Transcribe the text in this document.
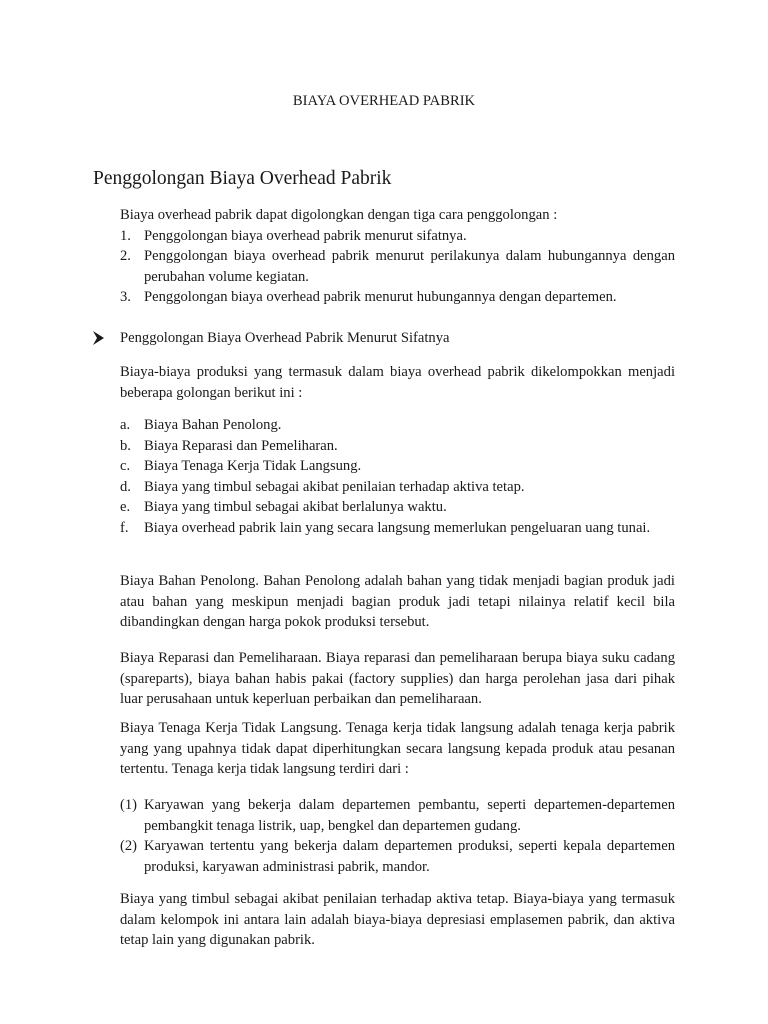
BIAYA OVERHEAD PABRIK
Penggolongan Biaya Overhead Pabrik

Biaya overhead pabrik dapat digolongkan dengan tiga cara penggolongan :

1. Penggolongan biaya overhead pabrik menurut sifatnya.
2. Penggolongan biaya overhead pabrik menurut perilakunya dalam hubungannya dengan perubahan volume kegiatan.
3. Penggolongan biaya overhead pabrik menurut hubungannya dengan departemen.
Penggolongan Biaya Overhead Pabrik Menurut Sifatnya

Biaya-biaya produksi yang termasuk dalam biaya overhead pabrik dikelompokkan menjadi beberapa golongan berikut ini :

a. Biaya Bahan Penolong.
b. Biaya Reparasi dan Pemeliharan.
c. Biaya Tenaga Kerja Tidak Langsung.
d. Biaya yang timbul sebagai akibat penilaian terhadap aktiva tetap.
e. Biaya yang timbul sebagai akibat berlalunya waktu.
f. Biaya overhead pabrik lain yang secara langsung memerlukan pengeluaran uang tunai.

Biaya Bahan Penolong. Bahan Penolong adalah bahan yang tidak menjadi bagian produk jadi atau bahan yang meskipun menjadi bagian produk jadi tetapi nilainya relatif kecil bila dibandingkan dengan harga pokok produksi tersebut.

Biaya Reparasi dan Pemeliharaan. Biaya reparasi dan pemeliharaan berupa biaya suku cadang (spareparts), biaya bahan habis pakai (factory supplies) dan harga perolehan jasa dari pihak luar perusahaan untuk keperluan perbaikan dan pemeliharaan.

Biaya Tenaga Kerja Tidak Langsung. Tenaga kerja tidak langsung adalah tenaga kerja pabrik yang yang upahnya tidak dapat diperhitungkan secara langsung kepada produk atau pesanan tertentu. Tenaga kerja tidak langsung terdiri dari :

(1) Karyawan yang bekerja dalam departemen pembantu, seperti departemen-departemen pembangkit tenaga listrik, uap, bengkel dan departemen gudang.
(2) Karyawan tertentu yang bekerja dalam departemen produksi, seperti kepala departemen produksi, karyawan administrasi pabrik, mandor.

Biaya yang timbul sebagai akibat penilaian terhadap aktiva tetap. Biaya-biaya yang termasuk dalam kelompok ini antara lain adalah biaya-biaya depresiasi emplasemen pabrik, dan aktiva tetap lain yang digunakan pabrik.
